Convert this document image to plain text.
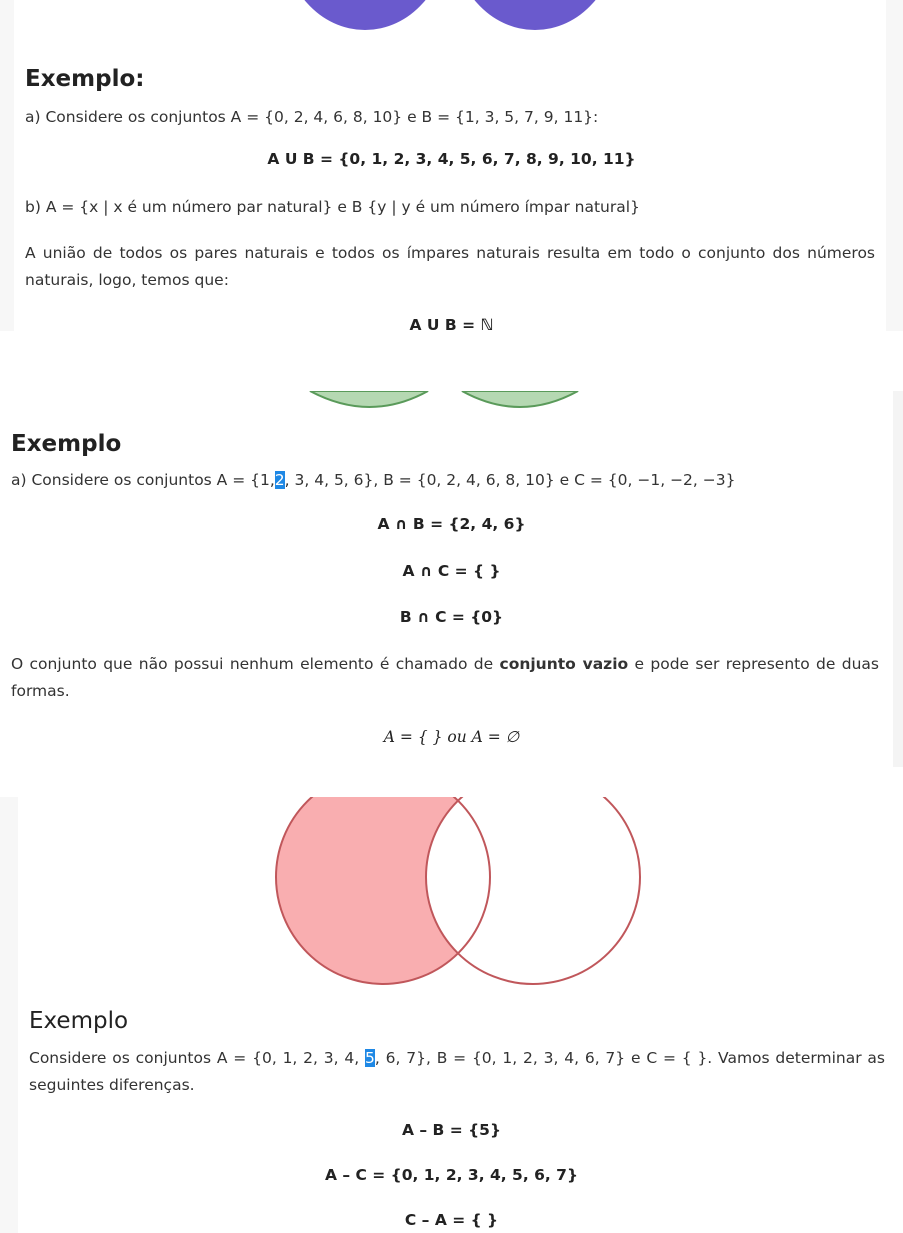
Exemplo:
a) Considere os conjuntos A = {0, 2, 4, 6, 8, 10} e B = {1, 3, 5, 7, 9, 11}:
A U B = {0, 1, 2, 3, 4, 5, 6, 7, 8, 9, 10, 11}
b) A = {x | x é um número par natural} e B {y | y é um número ímpar natural}
A união de todos os pares naturais e todos os ímpares naturais resulta em todo o conjunto dos números naturais, logo, temos que:
A U B = ℕ
Exemplo
a) Considere os conjuntos A = {1,2, 3, 4, 5, 6}, B = {0, 2, 4, 6, 8, 10} e C = {0, −1, −2, −3}
A ∩ B = {2, 4, 6}
A ∩ C = { }
B ∩ C = {0}
O conjunto que não possui nenhum elemento é chamado de conjunto vazio e pode ser represento de duas formas.
A = { } ou A = ∅
Exemplo
Considere os conjuntos A = {0, 1, 2, 3, 4, 5, 6, 7}, B = {0, 1, 2, 3, 4, 6, 7} e C = { }. Vamos determinar as seguintes diferenças.
A – B = {5}
A – C = {0, 1, 2, 3, 4, 5, 6, 7}
C – A = { }
